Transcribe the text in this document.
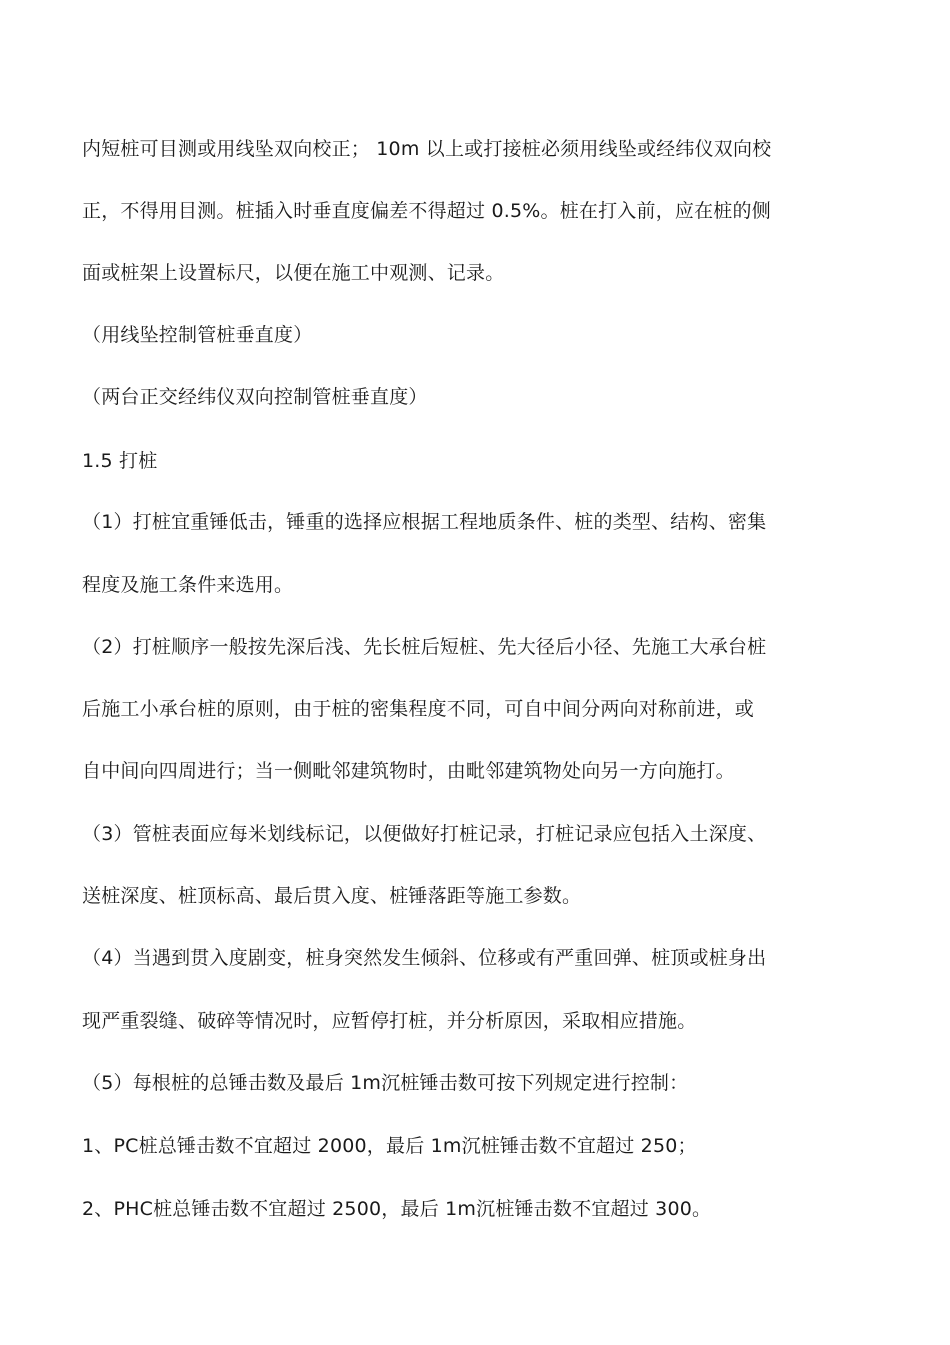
内短桩可目测或用线坠双向校正； 10m 以上或打接桩必须用线坠或经纬仪双向校
正，不得用目测。桩插入时垂直度偏差不得超过 0.5%。桩在打入前，应在桩的侧
面或桩架上设置标尺，以便在施工中观测、记录。
（用线坠控制管桩垂直度）
（两台正交经纬仪双向控制管桩垂直度）
1.5 打桩
（1）打桩宜重锤低击，锤重的选择应根据工程地质条件、桩的类型、结构、密集
程度及施工条件来选用。
（2）打桩顺序一般按先深后浅、先长桩后短桩、先大径后小径、先施工大承台桩
后施工小承台桩的原则，由于桩的密集程度不同，可自中间分两向对称前进，或
自中间向四周进行；当一侧毗邻建筑物时，由毗邻建筑物处向另一方向施打。
（3）管桩表面应每米划线标记，以便做好打桩记录，打桩记录应包括入土深度、
送桩深度、桩顶标高、最后贯入度、桩锤落距等施工参数。
（4）当遇到贯入度剧变，桩身突然发生倾斜、位移或有严重回弹、桩顶或桩身出
现严重裂缝、破碎等情况时，应暂停打桩，并分析原因，采取相应措施。
（5）每根桩的总锤击数及最后 1m沉桩锤击数可按下列规定进行控制：
1、PC桩总锤击数不宜超过 2000，最后 1m沉桩锤击数不宜超过 250；
2、PHC桩总锤击数不宜超过 2500，最后 1m沉桩锤击数不宜超过 300。
